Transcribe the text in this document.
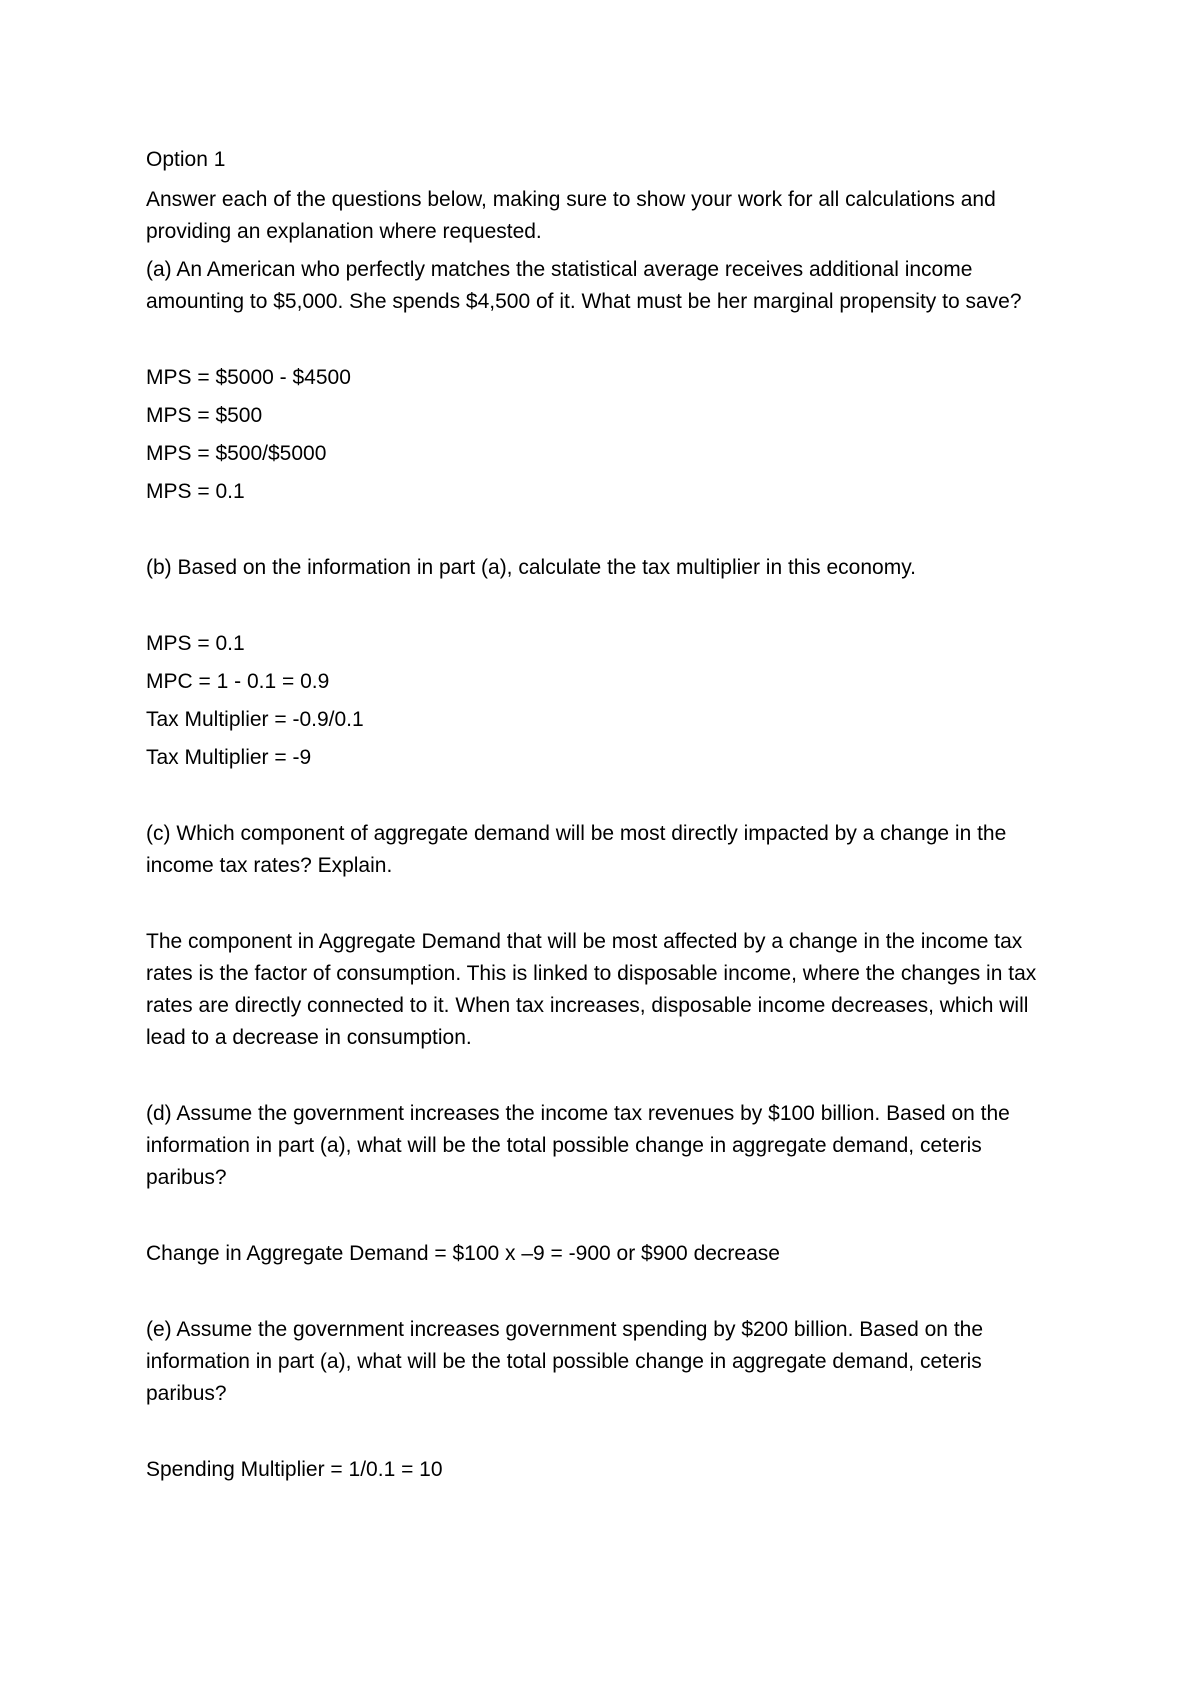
Option 1

Answer each of the questions below, making sure to show your work for all calculations and providing an explanation where requested.

(a) An American who perfectly matches the statistical average receives additional income amounting to $5,000. She spends $4,500 of it. What must be her marginal propensity to save?

MPS = $5000 - $4500

MPS = $500

MPS = $500/$5000

MPS = 0.1

(b) Based on the information in part (a), calculate the tax multiplier in this economy.

MPS = 0.1

MPC = 1 - 0.1 = 0.9

Tax Multiplier = -0.9/0.1

Tax Multiplier = -9

(c) Which component of aggregate demand will be most directly impacted by a change in the income tax rates? Explain.

The component in Aggregate Demand that will be most affected by a change in the income tax rates is the factor of consumption. This is linked to disposable income, where the changes in tax rates are directly connected to it. When tax increases, disposable income decreases, which will lead to a decrease in consumption.

(d) Assume the government increases the income tax revenues by $100 billion. Based on the information in part (a), what will be the total possible change in aggregate demand, ceteris paribus?

Change in Aggregate Demand = $100 x –9 = -900 or $900 decrease

(e) Assume the government increases government spending by $200 billion. Based on the information in part (a), what will be the total possible change in aggregate demand, ceteris paribus?

Spending Multiplier = 1/0.1 = 10
